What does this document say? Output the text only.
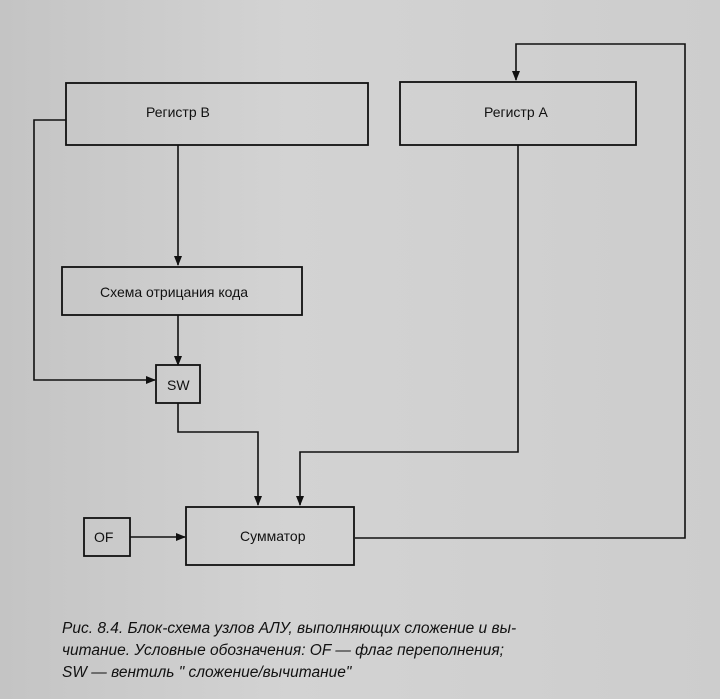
Регистр B	Регистр A
Схема отрицания кода
SW
OF	Сумматор
Рис. 8.4. Блок-схема узлов АЛУ, выполняющих сложение и вы-
читание. Условные обозначения: OF — флаг переполнения;
SW — вентиль " сложение/вычитание"
